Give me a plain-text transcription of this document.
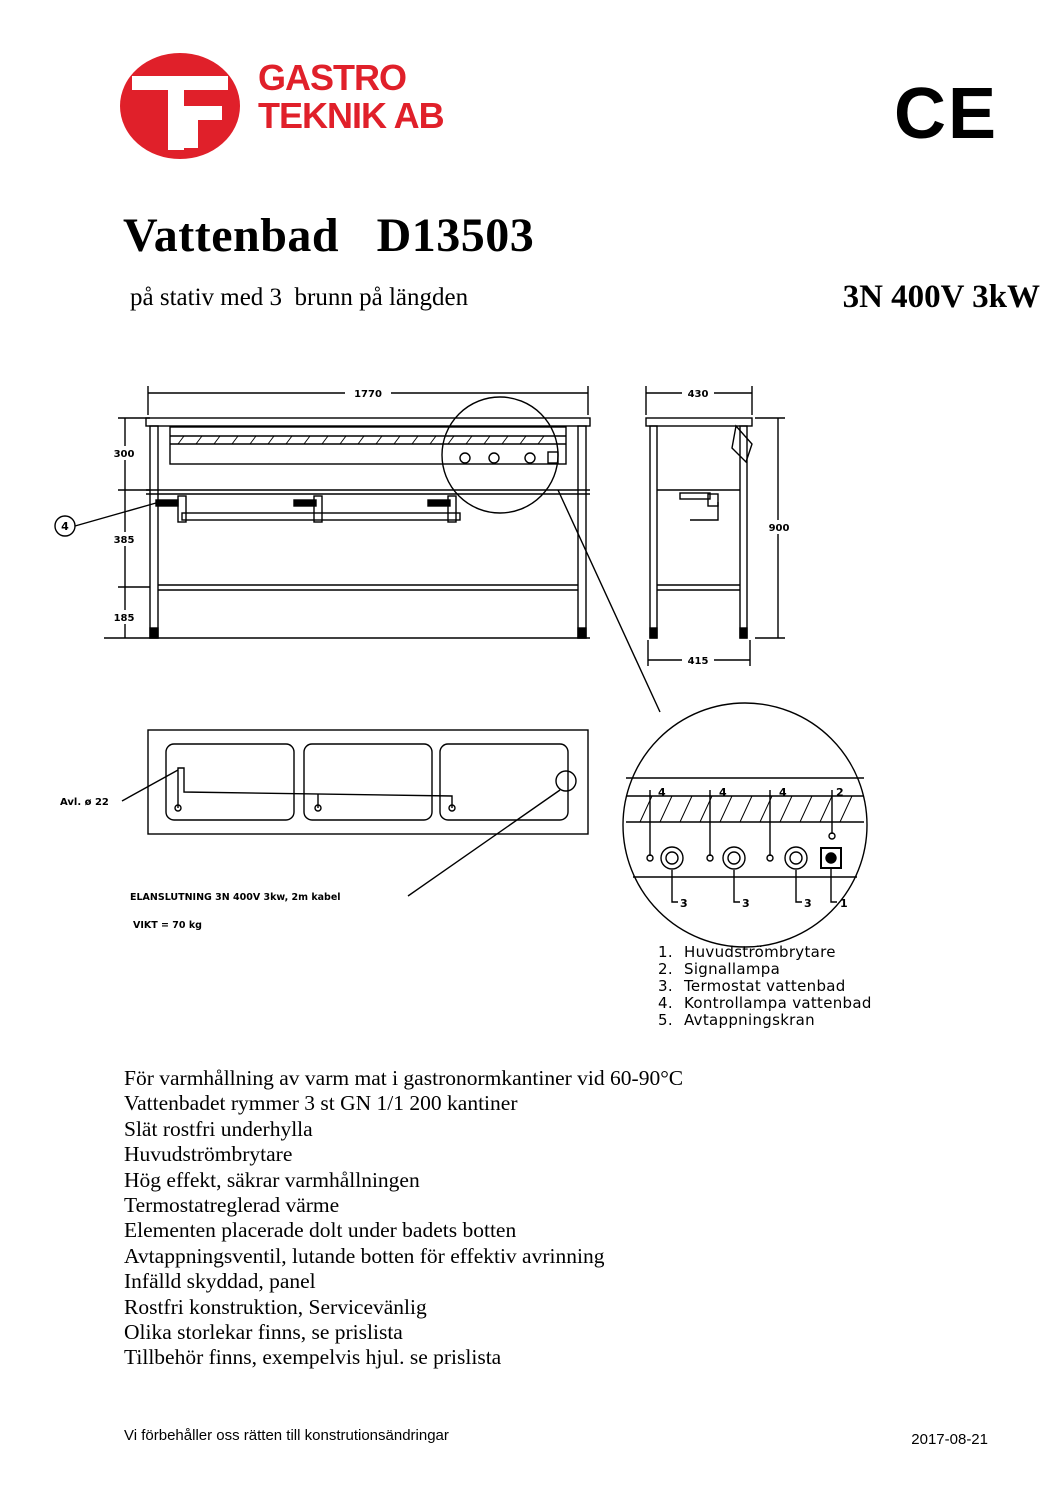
GASTRO
TEKNIK AB	CE
Vattenbad   D13503
på stativ med 3  brunn på längden	3N 400V 3kW
1770
300
385
185
4
430
900
415
Avl. ø 22
ELANSLUTNING 3N 400V 3kw, 2m kabel
VIKT = 70 kg
4	4	4	2
3	3	3	1
1. Huvudströmbrytare
2. Signallampa
3. Termostat vattenbad
4. Kontrollampa vattenbad
5. Avtappningskran
För varmhållning av varm mat i gastronormkantiner vid 60-90°C
Vattenbadet rymmer 3 st GN 1/1 200 kantiner
Slät rostfri underhylla
Huvudströmbrytare
Hög effekt, säkrar varmhållningen
Termostatreglerad värme
Elementen placerade dolt under badets botten
Avtappningsventil, lutande botten för effektiv avrinning
Infälld skyddad, panel
Rostfri konstruktion, Servicevänlig
Olika storlekar finns, se prislista
Tillbehör finns, exempelvis hjul. se prislista
Vi förbehåller oss rätten till konstrutionsändringar	2017-08-21
